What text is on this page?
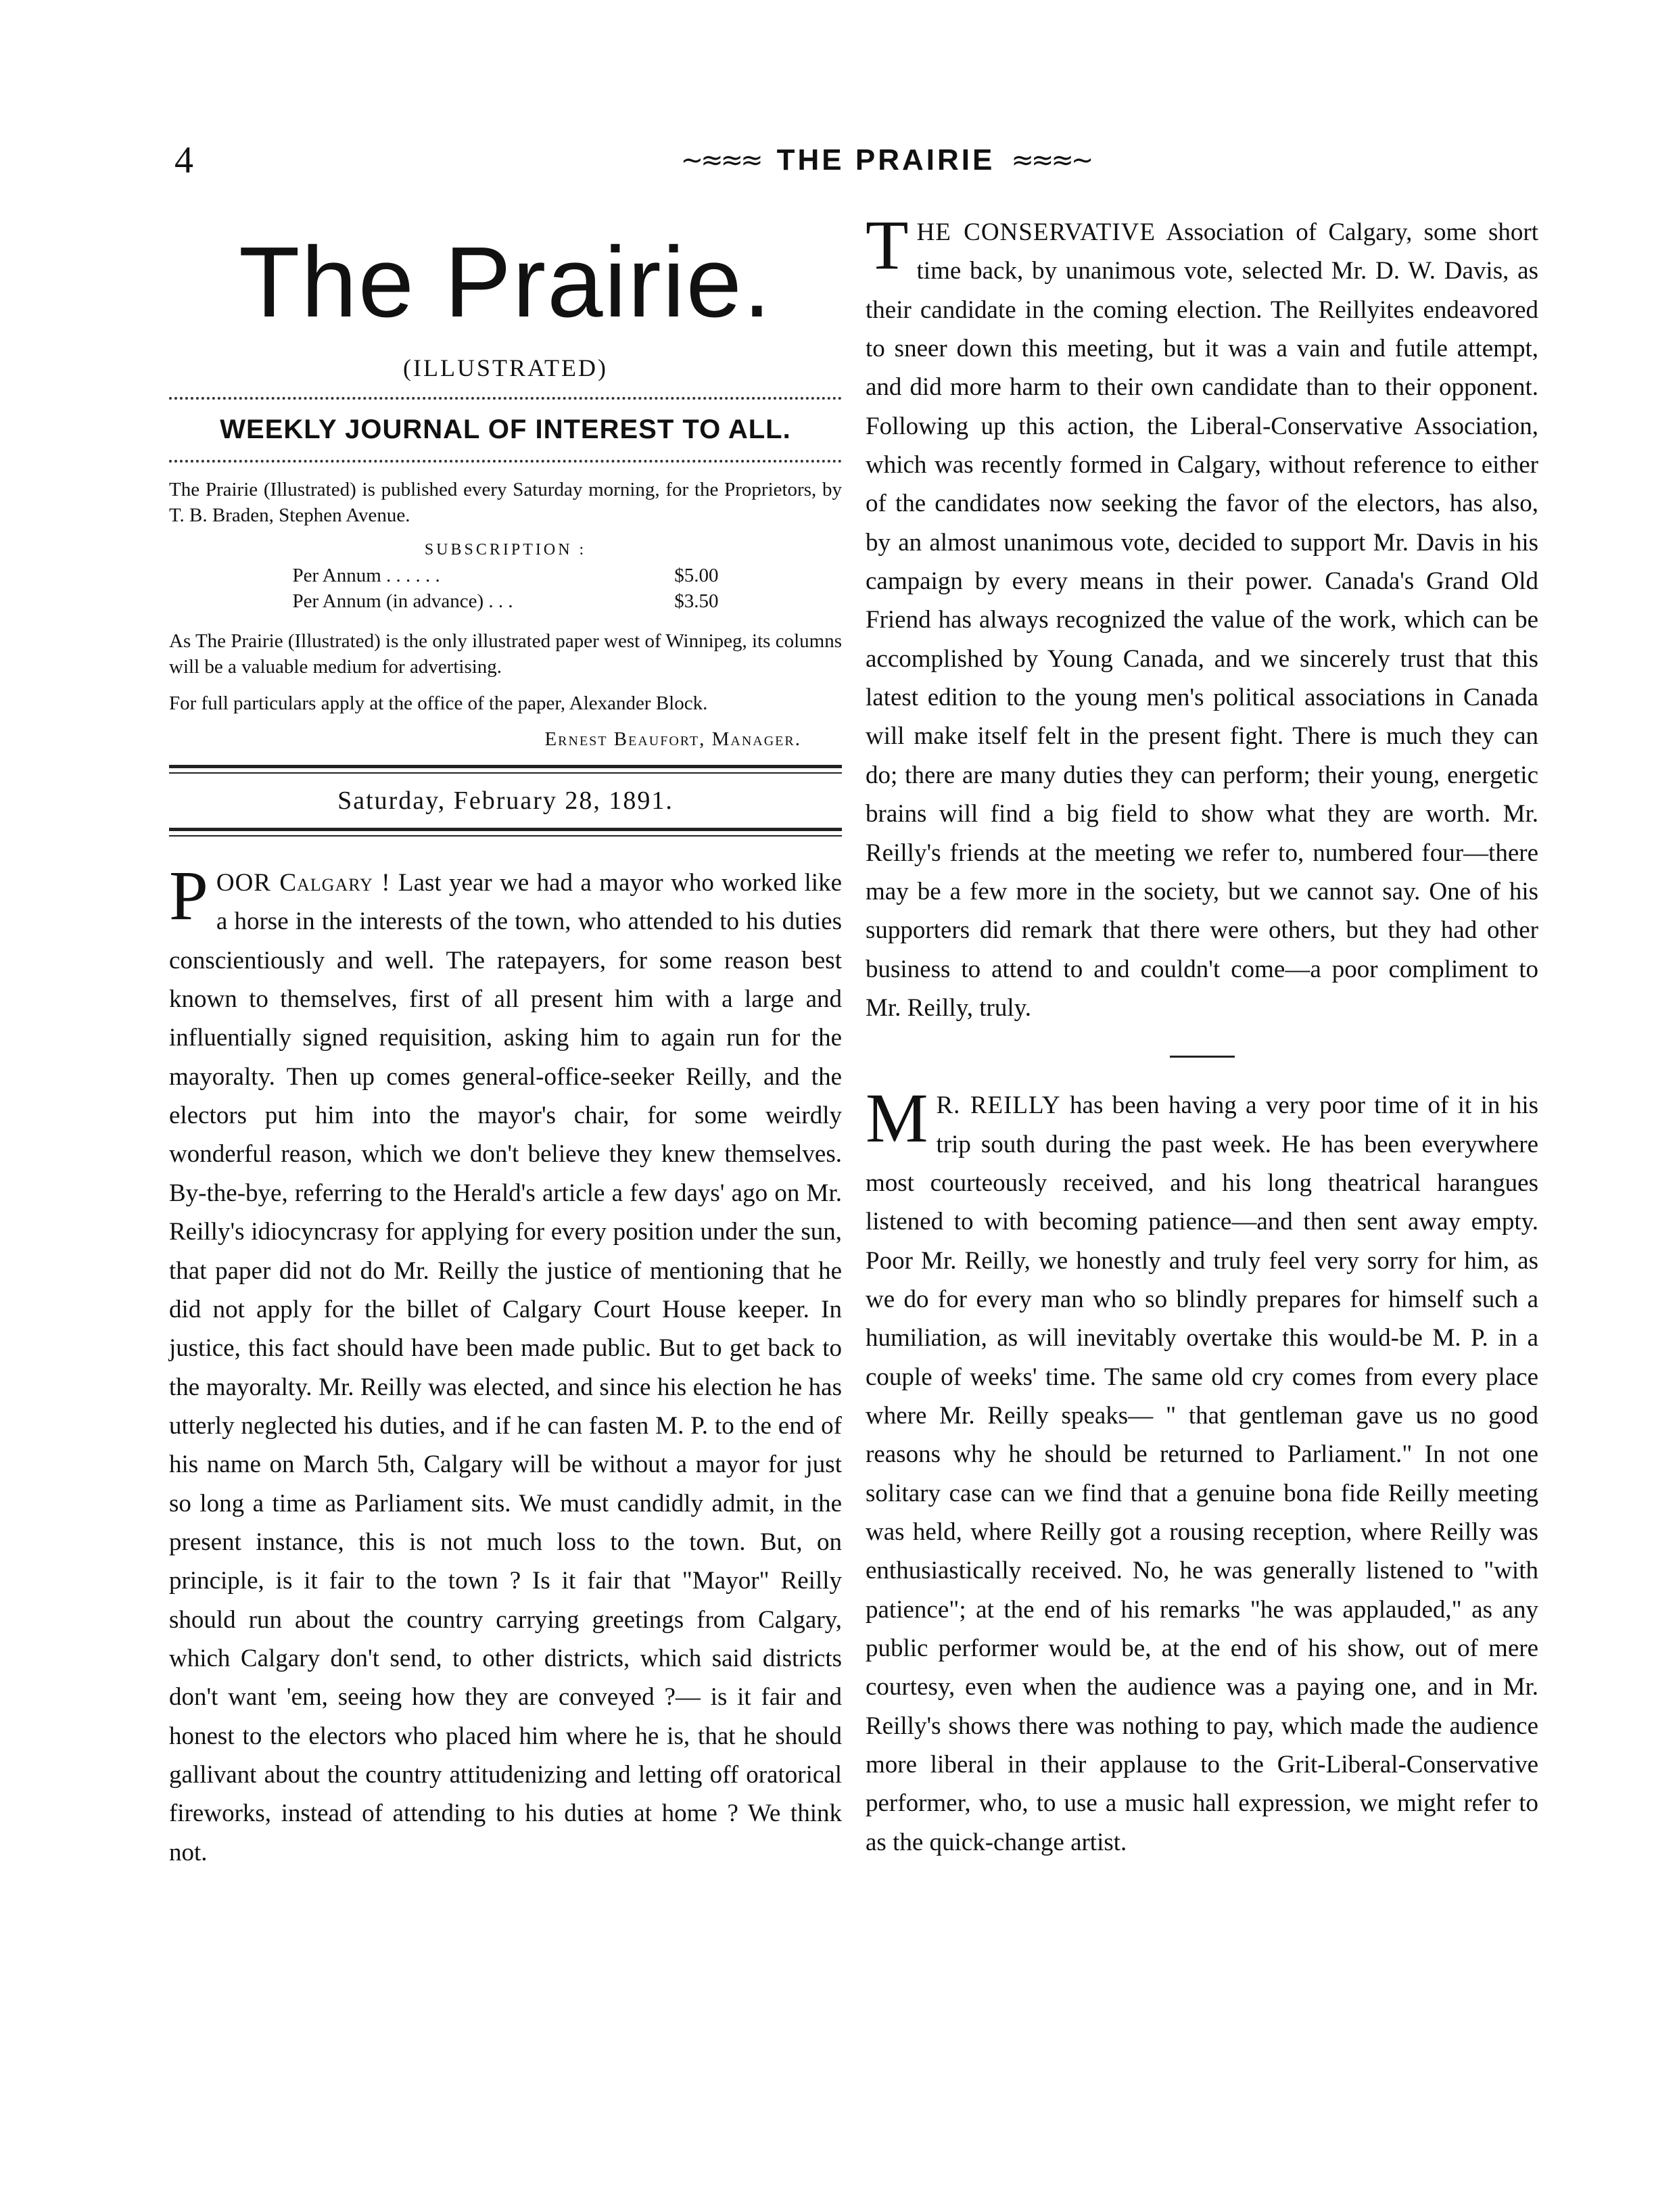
4	~≈≈≈ THE PRAIRIE ≈≈≈~
The Prairie.
(ILLUSTRATED)
WEEKLY JOURNAL OF INTEREST TO ALL.

The Prairie (Illustrated) is published every Saturday morning, for the Proprietors, by T. B. Braden, Stephen Avenue.

SUBSCRIPTION :
Per Annum . . . . . .	$5.00
Per Annum (in advance) . . .	$3.50

As The Prairie (Illustrated) is the only illustrated paper west of Winnipeg, its columns will be a valuable medium for advertising.

For full particulars apply at the office of the paper, Alexander Block.

Ernest Beaufort, Manager.

Saturday, February 28, 1891.

P OOR Calgary ! Last year we had a mayor who worked like a horse in the interests of the town, who attended to his duties conscientiously and well. The ratepayers, for some reason best known to themselves, first of all present him with a large and influentially signed requisition, asking him to again run for the mayoralty. Then up comes general-office-seeker Reilly, and the electors put him into the mayor's chair, for some weirdly wonderful reason, which we don't believe they knew themselves. By-the-bye, referring to the Herald's article a few days' ago on Mr. Reilly's idiocyncrasy for applying for every position under the sun, that paper did not do Mr. Reilly the justice of mentioning that he did not apply for the billet of Calgary Court House keeper. In justice, this fact should have been made public. But to get back to the mayoralty. Mr. Reilly was elected, and since his election he has utterly neglected his duties, and if he can fasten M. P. to the end of his name on March 5th, Calgary will be without a mayor for just so long a time as Parliament sits. We must candidly admit, in the present instance, this is not much loss to the town. But, on principle, is it fair to the town ? Is it fair that "Mayor" Reilly should run about the country carrying greetings from Calgary, which Calgary don't send, to other districts, which said districts don't want 'em, seeing how they are conveyed ?— is it fair and honest to the electors who placed him where he is, that he should gallivant about the country attitudenizing and letting off oratorical fireworks, instead of attending to his duties at home ? We think not.

T HE CONSERVATIVE Association of Calgary, some short time back, by unanimous vote, selected Mr. D. W. Davis, as their candidate in the coming election. The Reillyites endeavored to sneer down this meeting, but it was a vain and futile attempt, and did more harm to their own candidate than to their opponent. Following up this action, the Liberal-Conservative Association, which was recently formed in Calgary, without reference to either of the candidates now seeking the favor of the electors, has also, by an almost unanimous vote, decided to support Mr. Davis in his campaign by every means in their power. Canada's Grand Old Friend has always recognized the value of the work, which can be accomplished by Young Canada, and we sincerely trust that this latest edition to the young men's political associations in Canada will make itself felt in the present fight. There is much they can do; there are many duties they can perform; their young, energetic brains will find a big field to show what they are worth. Mr. Reilly's friends at the meeting we refer to, numbered four—there may be a few more in the society, but we cannot say. One of his supporters did remark that there were others, but they had other business to attend to and couldn't come—a poor compliment to Mr. Reilly, truly.

M R. REILLY has been having a very poor time of it in his trip south during the past week. He has been everywhere most courteously received, and his long theatrical harangues listened to with becoming patience—and then sent away empty. Poor Mr. Reilly, we honestly and truly feel very sorry for him, as we do for every man who so blindly prepares for himself such a humiliation, as will inevitably overtake this would-be M. P. in a couple of weeks' time. The same old cry comes from every place where Mr. Reilly speaks— " that gentleman gave us no good reasons why he should be returned to Parliament." In not one solitary case can we find that a genuine bona fide Reilly meeting was held, where Reilly got a rousing reception, where Reilly was enthusiastically received. No, he was generally listened to "with patience"; at the end of his remarks "he was applauded," as any public performer would be, at the end of his show, out of mere courtesy, even when the audience was a paying one, and in Mr. Reilly's shows there was nothing to pay, which made the audience more liberal in their applause to the Grit-Liberal-Conservative performer, who, to use a music hall expression, we might refer to as the quick-change artist.
